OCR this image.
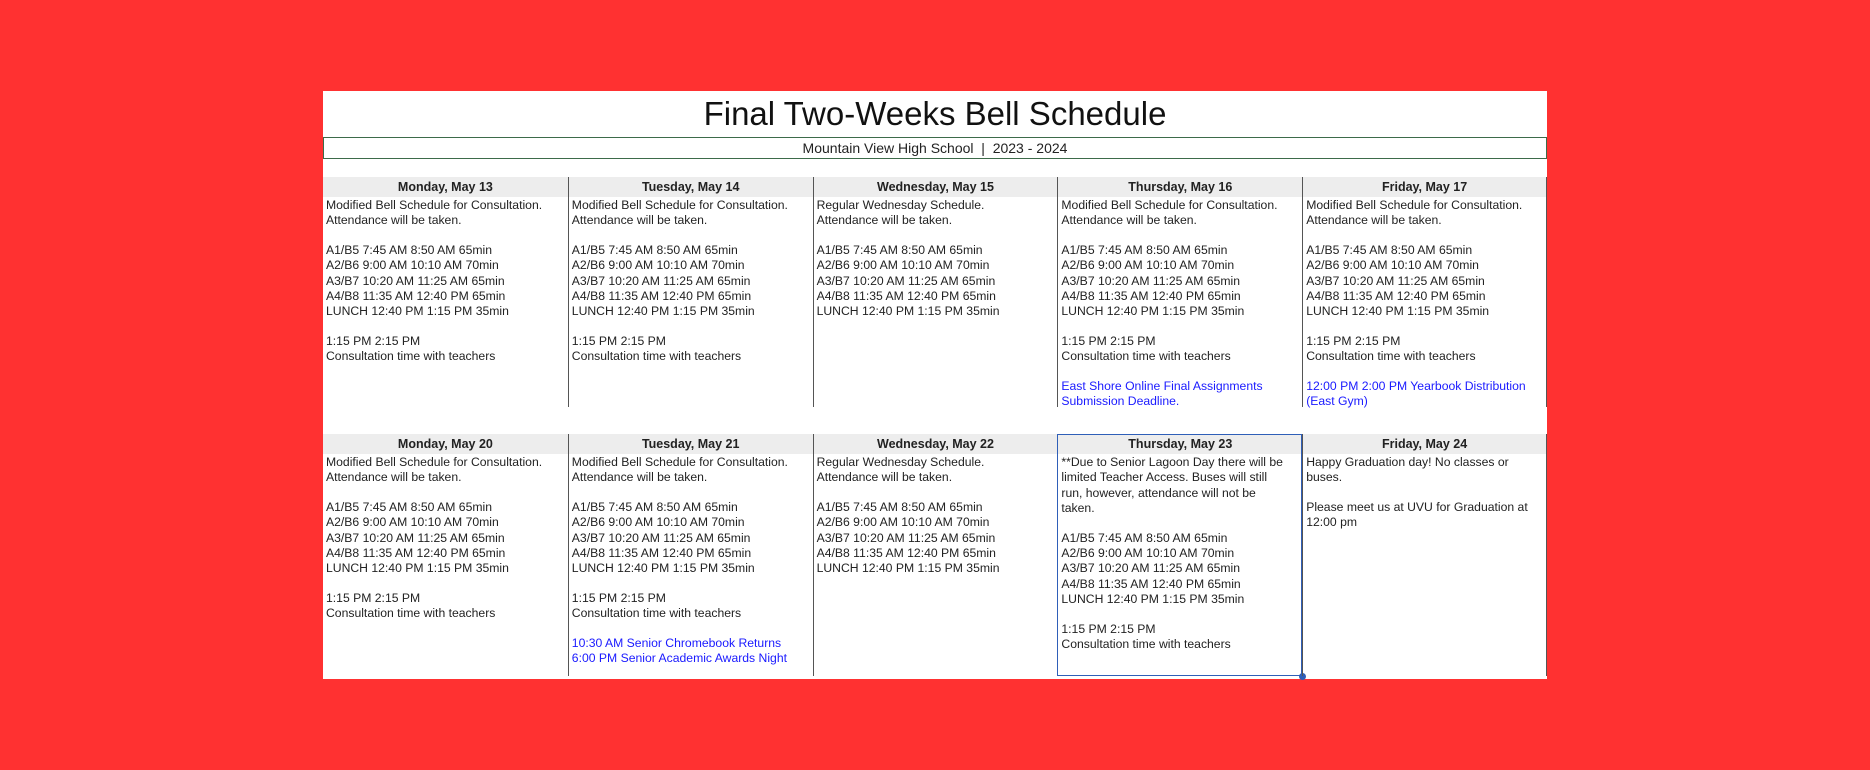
Final Two-Weeks Bell Schedule
Mountain View High School  |  2023 - 2024
Monday, May 13
Modified Bell Schedule for Consultation.
Attendance will be taken.
A1/B5 7:45 AM 8:50 AM 65min
A2/B6 9:00 AM 10:10 AM 70min
A3/B7 10:20 AM 11:25 AM 65min
A4/B8 11:35 AM 12:40 PM 65min
LUNCH 12:40 PM 1:15 PM 35min
1:15 PM 2:15 PM
Consultation time with teachers
Tuesday, May 14
Modified Bell Schedule for Consultation.
Attendance will be taken.
A1/B5 7:45 AM 8:50 AM 65min
A2/B6 9:00 AM 10:10 AM 70min
A3/B7 10:20 AM 11:25 AM 65min
A4/B8 11:35 AM 12:40 PM 65min
LUNCH 12:40 PM 1:15 PM 35min
1:15 PM 2:15 PM
Consultation time with teachers
Wednesday, May 15
Regular Wednesday Schedule.
Attendance will be taken.
A1/B5 7:45 AM 8:50 AM 65min
A2/B6 9:00 AM 10:10 AM 70min
A3/B7 10:20 AM 11:25 AM 65min
A4/B8 11:35 AM 12:40 PM 65min
LUNCH 12:40 PM 1:15 PM 35min
Thursday, May 16
Modified Bell Schedule for Consultation.
Attendance will be taken.
A1/B5 7:45 AM 8:50 AM 65min
A2/B6 9:00 AM 10:10 AM 70min
A3/B7 10:20 AM 11:25 AM 65min
A4/B8 11:35 AM 12:40 PM 65min
LUNCH 12:40 PM 1:15 PM 35min
1:15 PM 2:15 PM
Consultation time with teachers
East Shore Online Final Assignments
Submission Deadline.
Friday, May 17
Modified Bell Schedule for Consultation.
Attendance will be taken.
A1/B5 7:45 AM 8:50 AM 65min
A2/B6 9:00 AM 10:10 AM 70min
A3/B7 10:20 AM 11:25 AM 65min
A4/B8 11:35 AM 12:40 PM 65min
LUNCH 12:40 PM 1:15 PM 35min
1:15 PM 2:15 PM
Consultation time with teachers
12:00 PM 2:00 PM Yearbook Distribution
(East Gym)
Monday, May 20
Modified Bell Schedule for Consultation.
Attendance will be taken.
A1/B5 7:45 AM 8:50 AM 65min
A2/B6 9:00 AM 10:10 AM 70min
A3/B7 10:20 AM 11:25 AM 65min
A4/B8 11:35 AM 12:40 PM 65min
LUNCH 12:40 PM 1:15 PM 35min
1:15 PM 2:15 PM
Consultation time with teachers
Tuesday, May 21
Modified Bell Schedule for Consultation.
Attendance will be taken.
A1/B5 7:45 AM 8:50 AM 65min
A2/B6 9:00 AM 10:10 AM 70min
A3/B7 10:20 AM 11:25 AM 65min
A4/B8 11:35 AM 12:40 PM 65min
LUNCH 12:40 PM 1:15 PM 35min
1:15 PM 2:15 PM
Consultation time with teachers
10:30 AM Senior Chromebook Returns
6:00 PM Senior Academic Awards Night
Wednesday, May 22
Regular Wednesday Schedule.
Attendance will be taken.
A1/B5 7:45 AM 8:50 AM 65min
A2/B6 9:00 AM 10:10 AM 70min
A3/B7 10:20 AM 11:25 AM 65min
A4/B8 11:35 AM 12:40 PM 65min
LUNCH 12:40 PM 1:15 PM 35min
Thursday, May 23
**Due to Senior Lagoon Day there will be
limited Teacher Access. Buses will still
run, however, attendance will not be
taken.
A1/B5 7:45 AM 8:50 AM 65min
A2/B6 9:00 AM 10:10 AM 70min
A3/B7 10:20 AM 11:25 AM 65min
A4/B8 11:35 AM 12:40 PM 65min
LUNCH 12:40 PM 1:15 PM 35min
1:15 PM 2:15 PM
Consultation time with teachers
Friday, May 24
Happy Graduation day! No classes or
buses.
Please meet us at UVU for Graduation at
12:00 pm
